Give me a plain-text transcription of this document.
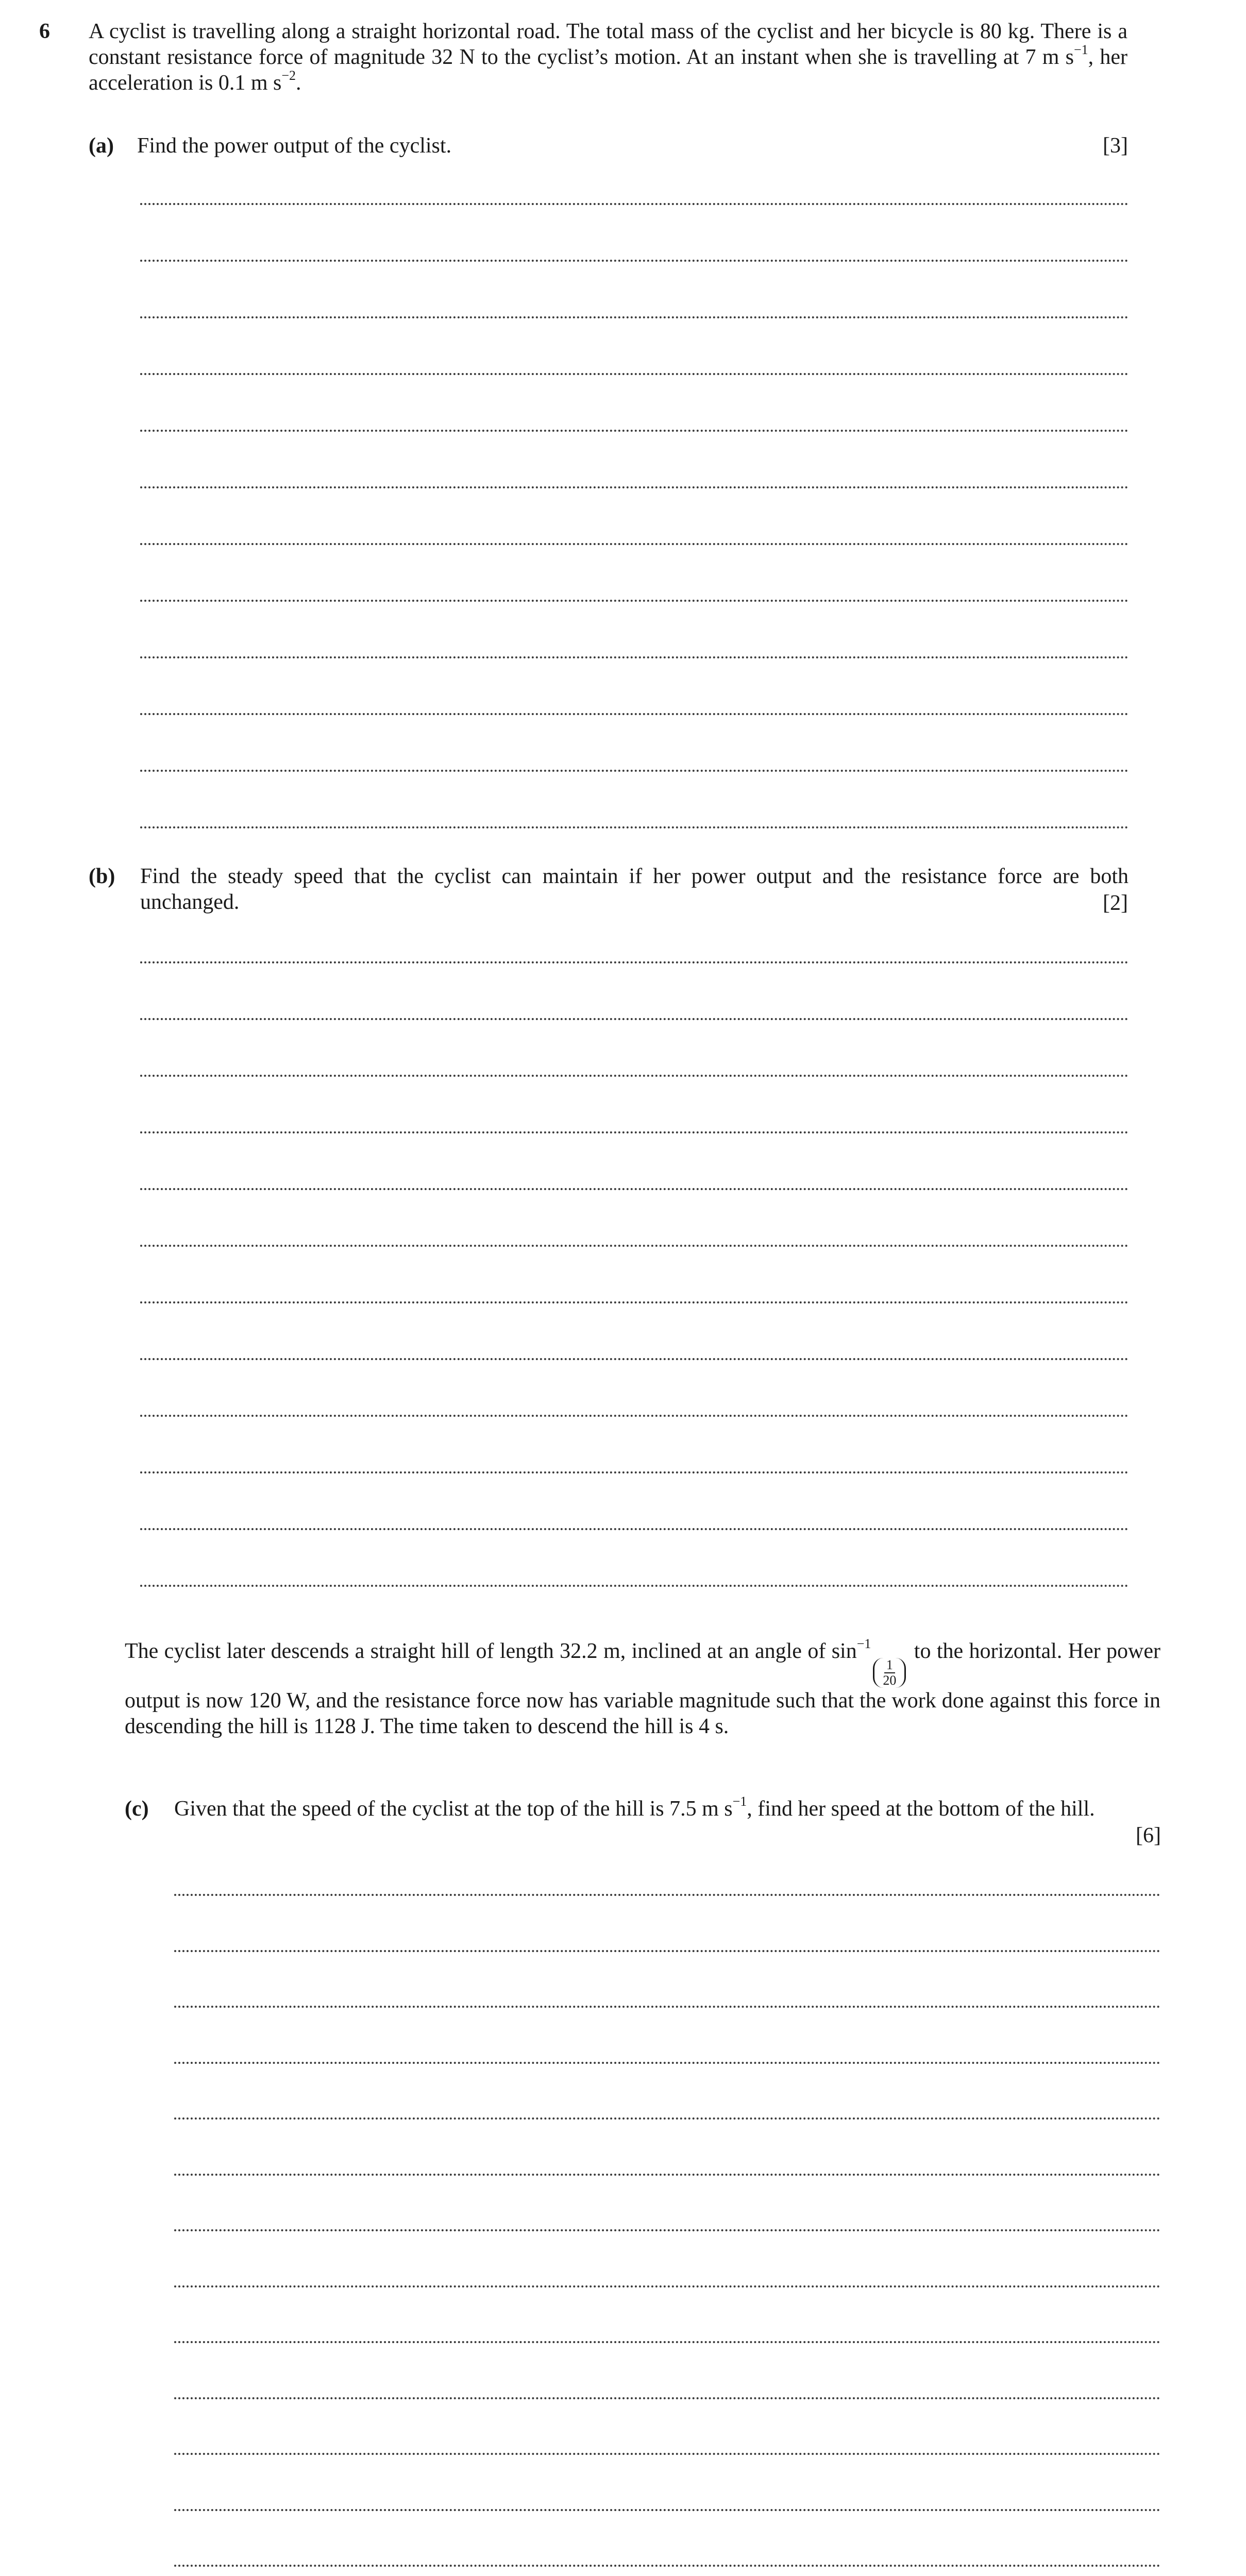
6 A cyclist is travelling along a straight horizontal road. The total mass of the cyclist and her bicycle is 80 kg. There is a constant resistance force of magnitude 32 N to the cyclist’s motion. At an instant when she is travelling at 7 m $s^{-1}$, her acceleration is 0.1 m $s^{-2}$.

(a) Find the power output of the cyclist.	[3]
(b) Find the steady speed that the cyclist can maintain if her power output and the resistance force are both unchanged.	[2]

The cyclist later descends a straight hill of length 32.2 m, inclined at an angle of $\sin^{-1}$
$\frac{1}{20}$
to the horizontal. Her power output is now 120 W, and the resistance force now has variable magnitude such that the work done against this force in descending the hill is 1128 J. The time taken to descend the hill is 4 s.

(c) Given that the speed of the cyclist at the top of the hill is 7.5 m $s^{-1}$, find her speed at the bottom of the hill.

[6]
